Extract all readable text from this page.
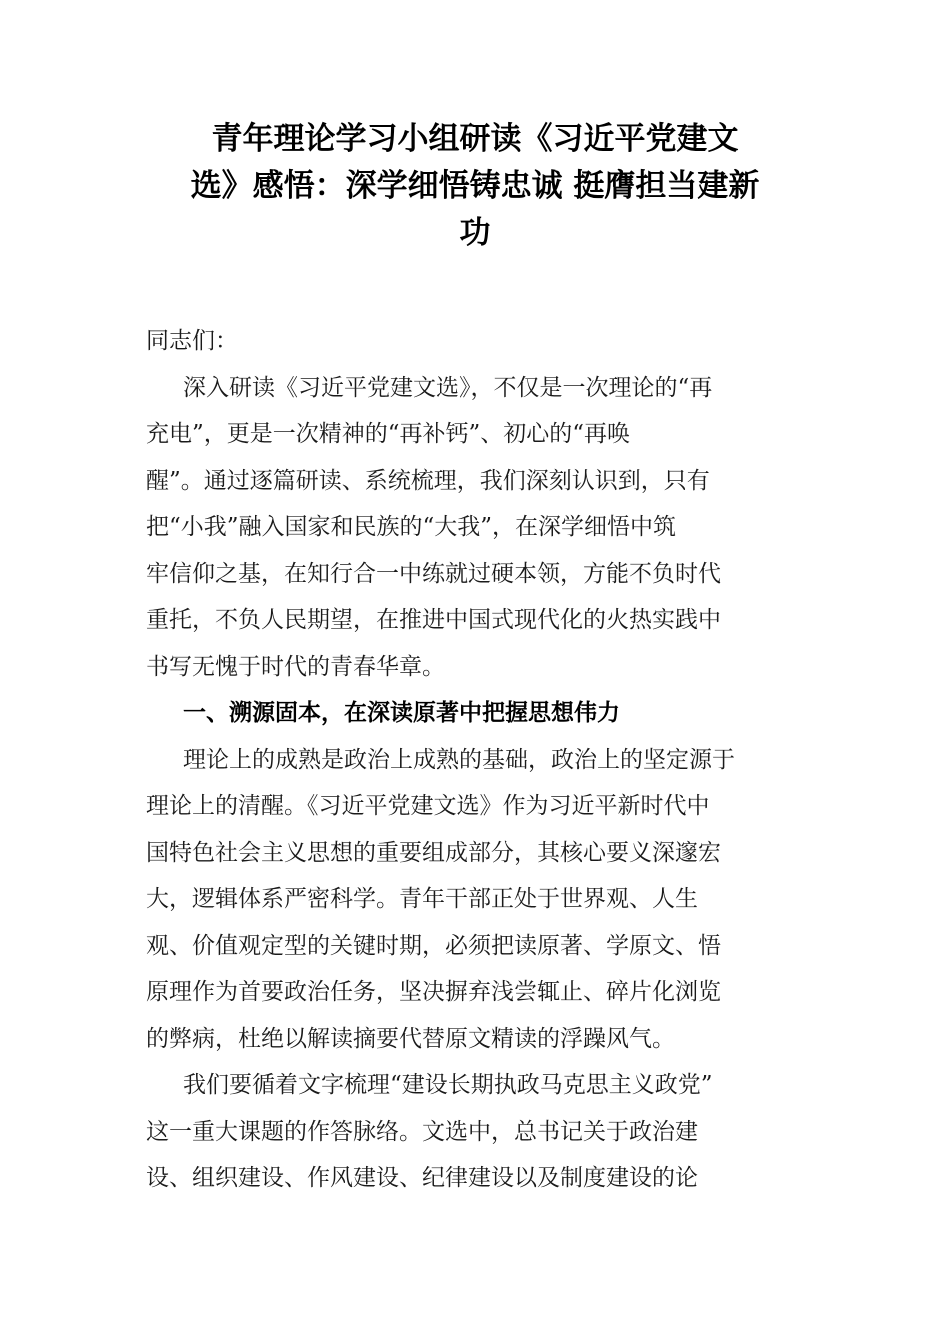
青年理论学习小组研读《习近平党建文
选》感悟：深学细悟铸忠诚 挺膺担当建新
功
同志们：
深入研读《习近平党建文选》，不仅是一次理论的“再
充电”，更是一次精神的“再补钙”、初心的“再唤
醒”。通过逐篇研读、系统梳理，我们深刻认识到，只有
把“小我”融入国家和民族的“大我”，在深学细悟中筑
牢信仰之基，在知行合一中练就过硬本领，方能不负时代
重托，不负人民期望，在推进中国式现代化的火热实践中
书写无愧于时代的青春华章。
一、溯源固本，在深读原著中把握思想伟力
理论上的成熟是政治上成熟的基础，政治上的坚定源于
理论上的清醒。《习近平党建文选》作为习近平新时代中
国特色社会主义思想的重要组成部分，其核心要义深邃宏
大，逻辑体系严密科学。青年干部正处于世界观、人生
观、价值观定型的关键时期，必须把读原著、学原文、悟
原理作为首要政治任务，坚决摒弃浅尝辄止、碎片化浏览
的弊病，杜绝以解读摘要代替原文精读的浮躁风气。
我们要循着文字梳理“建设长期执政马克思主义政党”
这一重大课题的作答脉络。文选中，总书记关于政治建
设、组织建设、作风建设、纪律建设以及制度建设的论
